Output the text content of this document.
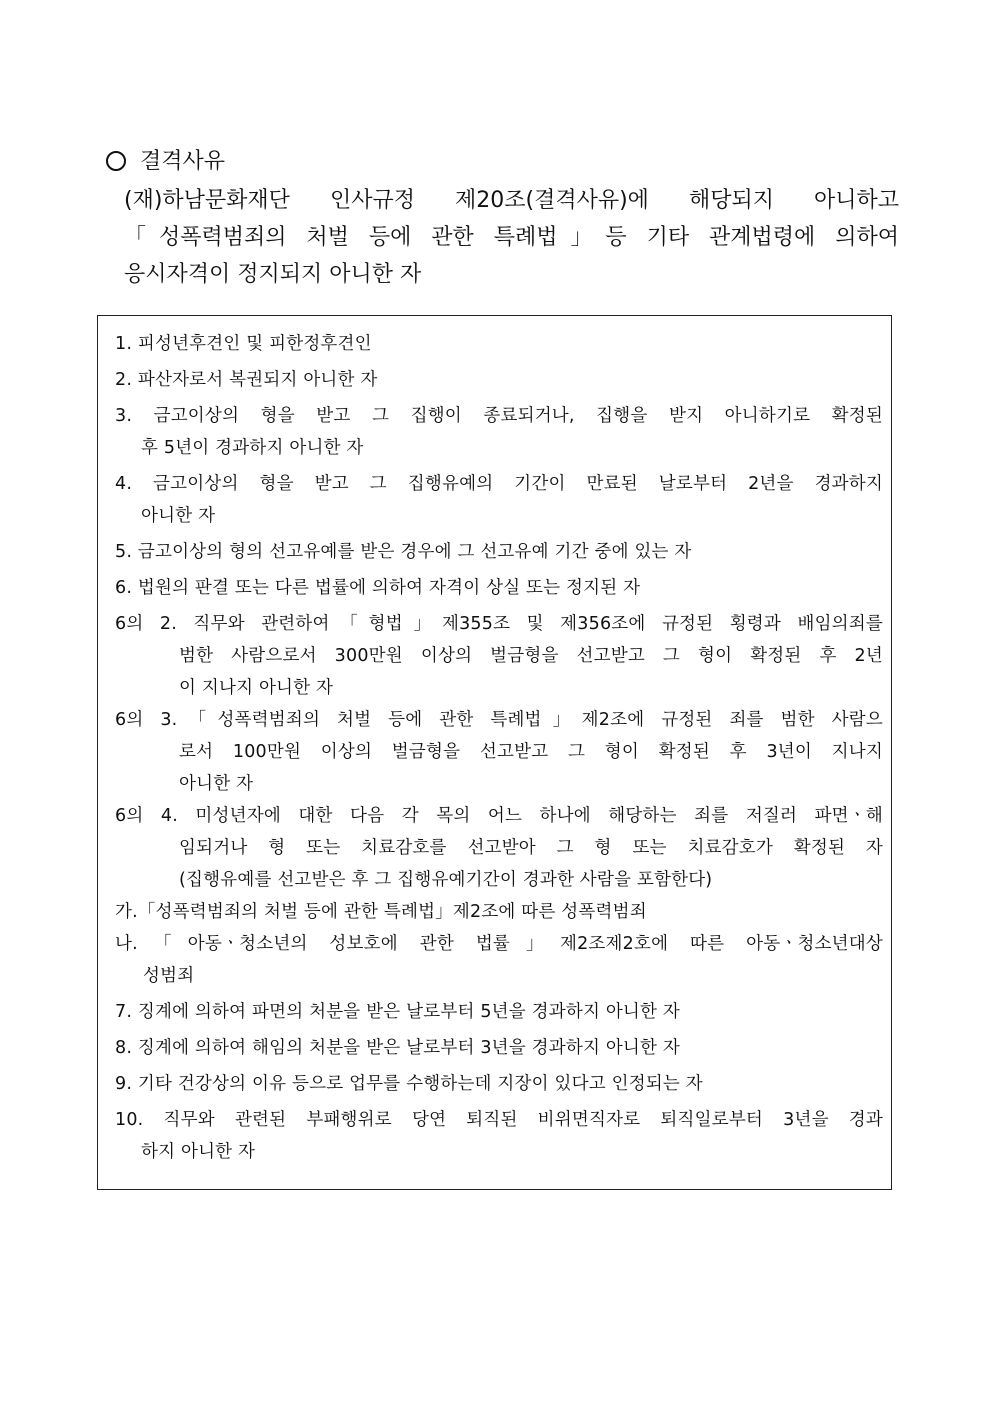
결격사유
(재)하남문화재단 인사규정 제20조(결격사유)에 해당되지 아니하고
「성폭력범죄의 처벌 등에 관한 특례법」등 기타 관계법령에 의하여
응시자격이 정지되지 아니한 자
1. 피성년후견인 및 피한정후견인
2. 파산자로서 복권되지 아니한 자
3. 금고이상의 형을 받고 그 집행이 종료되거나, 집행을 받지 아니하기로 확정된
후 5년이 경과하지 아니한 자
4. 금고이상의 형을 받고 그 집행유예의 기간이 만료된 날로부터 2년을 경과하지
아니한 자
5. 금고이상의 형의 선고유예를 받은 경우에 그 선고유예 기간 중에 있는 자
6. 법원의 판결 또는 다른 법률에 의하여 자격이 상실 또는 정지된 자
6의 2. 직무와 관련하여「형법」제355조 및 제356조에 규정된 횡령과 배임의죄를
범한 사람으로서 300만원 이상의 벌금형을 선고받고 그 형이 확정된 후 2년
이 지나지 아니한 자
6의 3.「성폭력범죄의 처벌 등에 관한 특례법」제2조에 규정된 죄를 범한 사람으
로서 100만원 이상의 벌금형을 선고받고 그 형이 확정된 후 3년이 지나지
아니한 자
6의 4. 미성년자에 대한 다음 각 목의 어느 하나에 해당하는 죄를 저질러 파면ㆍ해
임되거나 형 또는 치료감호를 선고받아 그 형 또는 치료감호가 확정된 자
(집행유예를 선고받은 후 그 집행유예기간이 경과한 사람을 포함한다)
가.「성폭력범죄의 처벌 등에 관한 특례법」제2조에 따른 성폭력범죄
나.「아동ㆍ청소년의 성보호에 관한 법률」제2조제2호에 따른 아동ㆍ청소년대상
성범죄
7. 징계에 의하여 파면의 처분을 받은 날로부터 5년을 경과하지 아니한 자
8. 징계에 의하여 해임의 처분을 받은 날로부터 3년을 경과하지 아니한 자
9. 기타 건강상의 이유 등으로 업무를 수행하는데 지장이 있다고 인정되는 자
10. 직무와 관련된 부패행위로 당연 퇴직된 비위면직자로 퇴직일로부터 3년을 경과
하지 아니한 자
